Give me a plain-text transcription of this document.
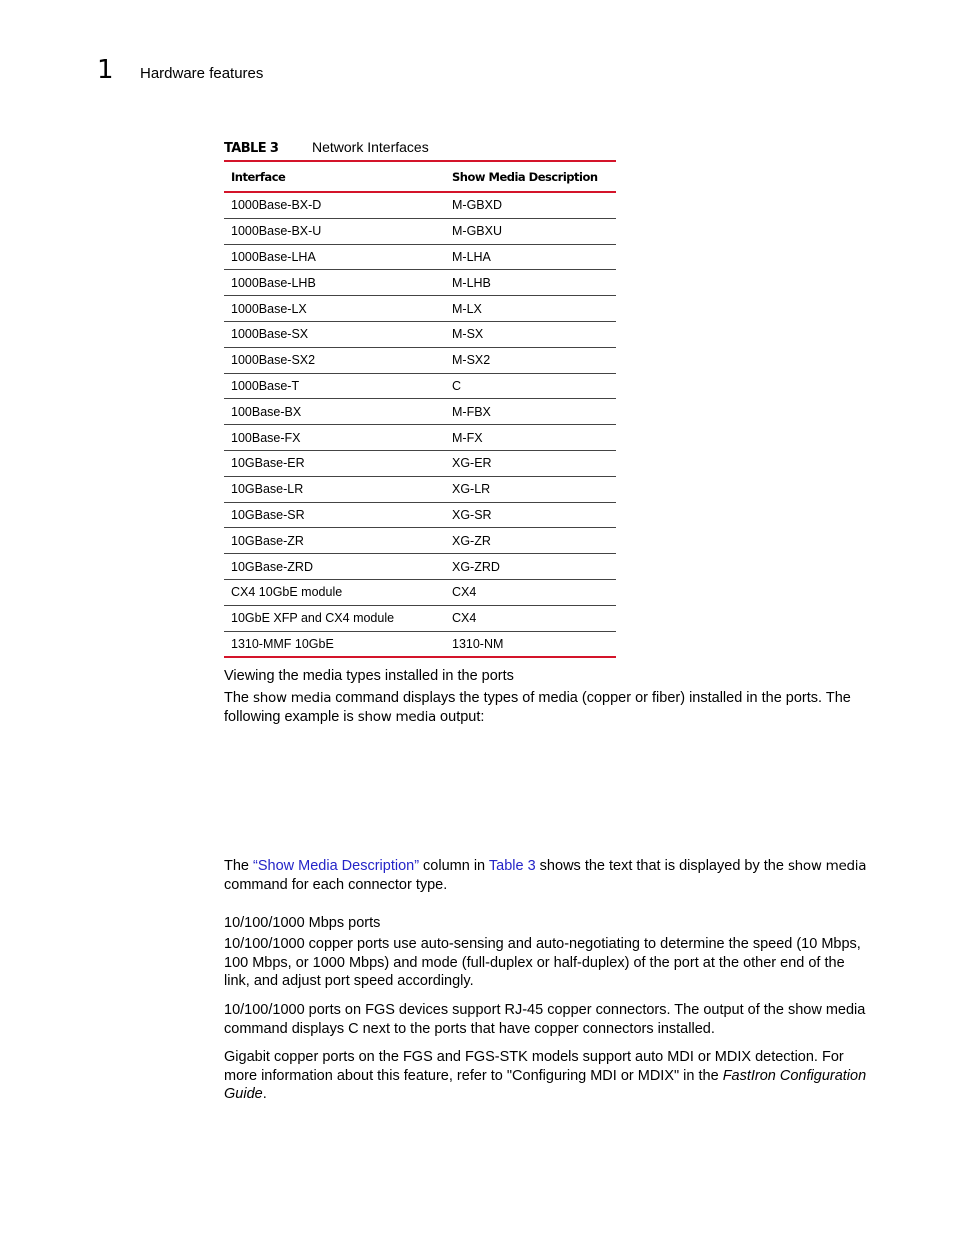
1 Hardware features
TABLE 3 Network Interfaces
Interface	Show Media Description
1000Base-BX-D	M-GBXD
1000Base-BX-U	M-GBXU
1000Base-LHA	M-LHA
1000Base-LHB	M-LHB
1000Base-LX	M-LX
1000Base-SX	M-SX
1000Base-SX2	M-SX2
1000Base-T	C
100Base-BX	M-FBX
100Base-FX	M-FX
10GBase-ER	XG-ER
10GBase-LR	XG-LR
10GBase-SR	XG-SR
10GBase-ZR	XG-ZR
10GBase-ZRD	XG-ZRD
CX4 10GbE module	CX4
10GbE XFP and CX4 module	CX4
1310-MMF 10GbE	1310-NM
Viewing the media types installed in the ports
The show media command displays the types of media (copper or fiber) installed in the ports. The following example is show media output:
The “Show Media Description” column in Table 3 shows the text that is displayed by the show media command for each connector type.
10/100/1000 Mbps ports
10/100/1000 copper ports use auto-sensing and auto-negotiating to determine the speed (10 Mbps, 100 Mbps, or 1000 Mbps) and mode (full-duplex or half-duplex) of the port at the other end of the link, and adjust port speed accordingly.
10/100/1000 ports on FGS devices support RJ-45 copper connectors. The output of the show media command displays C next to the ports that have copper connectors installed.
Gigabit copper ports on the FGS and FGS-STK models support auto MDI or MDIX detection. For more information about this feature, refer to "Configuring MDI or MDIX" in the FastIron Configuration Guide.
